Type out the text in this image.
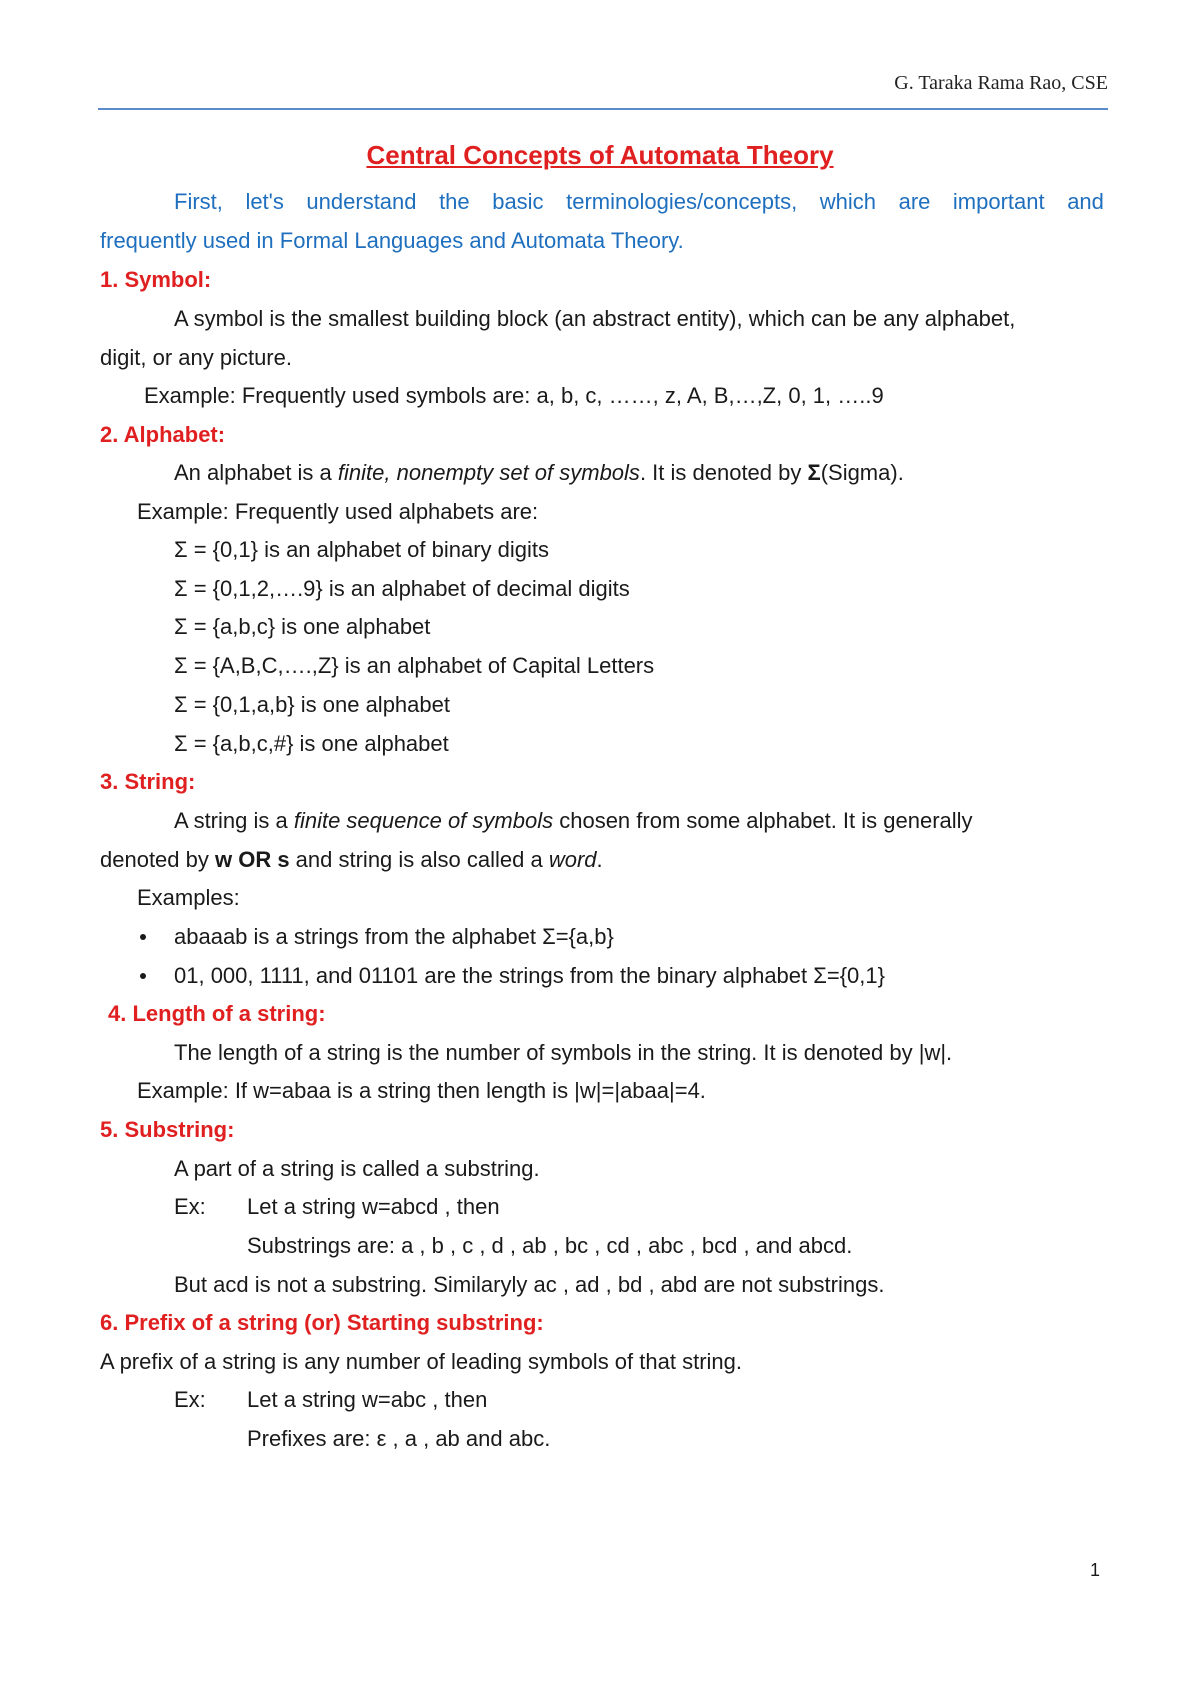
G. Taraka Rama Rao, CSE
Central Concepts of Automata Theory
First, let's understand the basic terminologies/concepts, which are important and
frequently used in Formal Languages and Automata Theory.
1. Symbol:
A symbol is the smallest building block (an abstract entity), which can be any alphabet,
digit, or any picture.
Example: Frequently used symbols are: a, b, c, ……, z, A, B,…,Z, 0, 1, …..9
2. Alphabet:
An alphabet is a finite, nonempty set of symbols. It is denoted by Σ(Sigma).
Example: Frequently used alphabets are:
Σ = {0,1} is an alphabet of binary digits
Σ = {0,1,2,….9} is an alphabet of decimal digits
Σ = {a,b,c} is one alphabet
Σ = {A,B,C,….,Z} is an alphabet of Capital Letters
Σ = {0,1,a,b} is one alphabet
Σ = {a,b,c,#} is one alphabet
3. String:
A string is a finite sequence of symbols chosen from some alphabet. It is generally
denoted by w OR s and string is also called a word.
Examples:
abaaab is a strings from the alphabet Σ={a,b}
01, 000, 1111, and 01101 are the strings from the binary alphabet Σ={0,1}
4. Length of a string:
The length of a string is the number of symbols in the string. It is denoted by |w|.
Example: If w=abaa is a string then length is |w|=|abaa|=4.
5. Substring:
A part of a string is called a substring.
Ex: Let a string w=abcd , then
Substrings are: a , b , c , d , ab , bc , cd , abc , bcd , and abcd.
But acd is not a substring. Similaryly ac , ad , bd , abd are not substrings.
6. Prefix of a string (or) Starting substring:
A prefix of a string is any number of leading symbols of that string.
Ex: Let a string w=abc , then
Prefixes are: ε , a , ab and abc.
1
